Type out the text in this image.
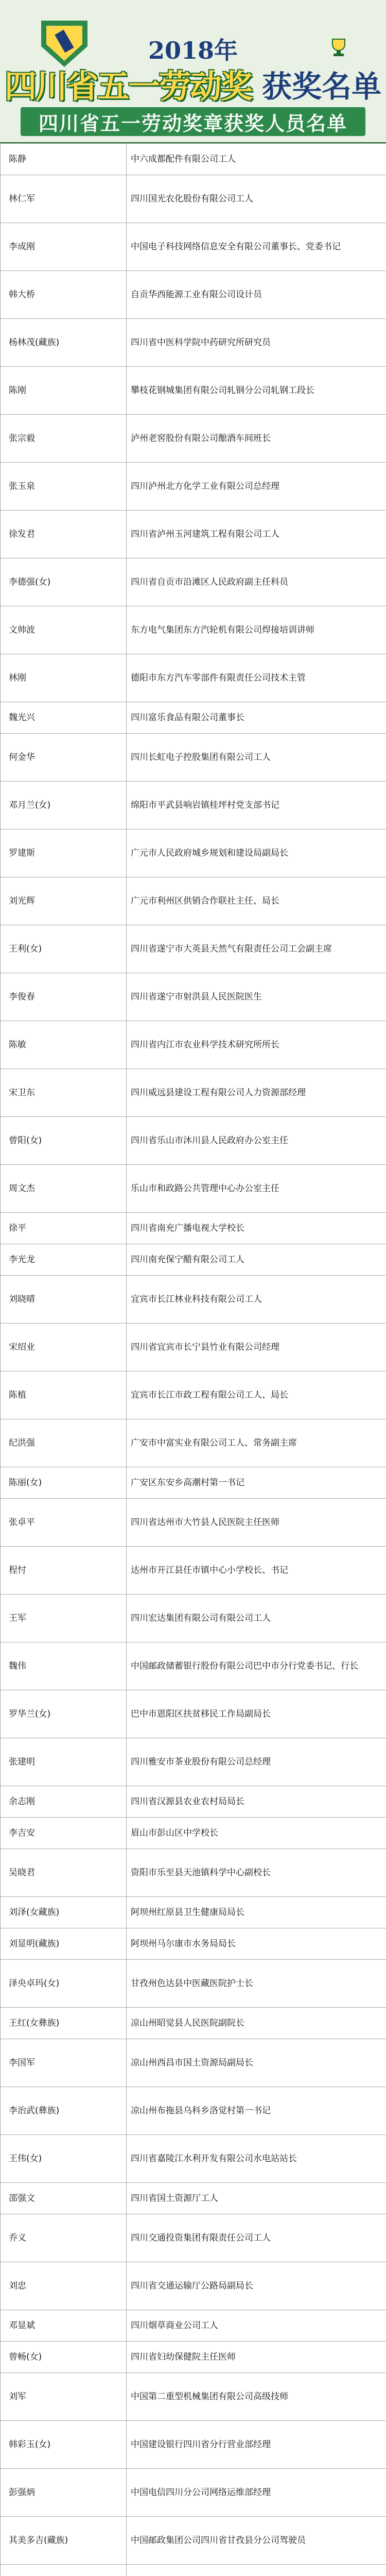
2018年
四川省五一劳动奖 获奖名单
四川省五一劳动奖章获奖人员名单
陈静	中六成都配件有限公司工人
林仁军	四川国光农化股份有限公司工人
李成刚	中国电子科技网络信息安全有限公司董事长、党委书记
韩大桥	自贡华西能源工业有限公司设计员
杨林茂(藏族)	四川省中医科学院中药研究所研究员
陈刚	攀枝花钢城集团有限公司轧钢分公司轧钢工段长
张宗毅	泸州老窖股份有限公司酿酒车间班长
张玉泉	四川泸州北方化学工业有限公司总经理
徐发君	四川省泸州玉河建筑工程有限公司工人
李德强(女)	四川省自贡市沿滩区人民政府副主任科员
文帅波	东方电气集团东方汽轮机有限公司焊接培训讲师
林刚	德阳市东方汽车零部件有限责任公司技术主管
魏光兴	四川富乐食品有限公司董事长
何金华	四川长虹电子控股集团有限公司工人
邓月兰(女)	绵阳市平武县响岩镇桂坪村党支部书记
罗建斯	广元市人民政府城乡规划和建设局副局长
刘光辉	广元市利州区供销合作联社主任、局长
王利(女)	四川省遂宁市大英县天然气有限责任公司工会副主席
李俊春	四川省遂宁市射洪县人民医院医生
陈敏	四川省内江市农业科学技术研究所所长
宋卫东	四川威远县建设工程有限公司人力资源部经理
曾阳(女)	四川省乐山市沐川县人民政府办公室主任
周文杰	乐山市和政路公共管理中心办公室主任
徐平	四川省南充广播电视大学校长
李光龙	四川南充保宁醋有限公司工人
刘晓晴	宜宾市长江林业科技有限公司工人
宋绍业	四川省宜宾市长宁县竹业有限公司经理
陈植	宜宾市长江市政工程有限公司工人、局长
纪洪强	广安市中富实业有限公司工人、常务副主席
陈丽(女)	广安区东安乡高潮村第一书记
张卓平	四川省达州市大竹县人民医院主任医师
程忖	达州市开江县任市镇中心小学校长、书记
王军	四川宏达集团有限公司有限公司工人
魏伟	中国邮政储蓄银行股份有限公司巴中市分行党委书记、行长
罗华兰(女)	巴中市恩阳区扶贫移民工作局副局长
张建明	四川雅安市茶业股份有限公司总经理
余志刚	四川省汉源县农业农村局局长
李吉安	眉山市彭山区中学校长
吴晓君	资阳市乐至县天池镇科学中心副校长
刘泽(女藏族)	阿坝州红原县卫生健康局局长
刘显明(藏族)	阿坝州马尔康市水务局局长
泽央卓玛(女)	甘孜州色达县中医藏医院护士长
王红(女彝族)	凉山州昭觉县人民医院副院长
李国军	凉山州西昌市国土资源局副局长
李治武(彝族)	凉山州布拖县乌科乡洛觉村第一书记
王伟(女)	四川省嘉陵江水利开发有限公司水电站站长
邵强文	四川省国土资源厅工人
乔义	四川交通投资集团有限责任公司工人
刘忠	四川省交通运输厅公路局副局长
邓显斌	四川烟草商业公司工人
曾畅(女)	四川省妇幼保健院主任医师
刘军	中国第二重型机械集团有限公司高级技师
韩彩玉(女)	中国建设银行四川省分行营业部经理
彭强炳	中国电信四川分公司网络运维部经理
其美多吉(藏族)	中国邮政集团公司四川省甘孜县分公司驾驶员
